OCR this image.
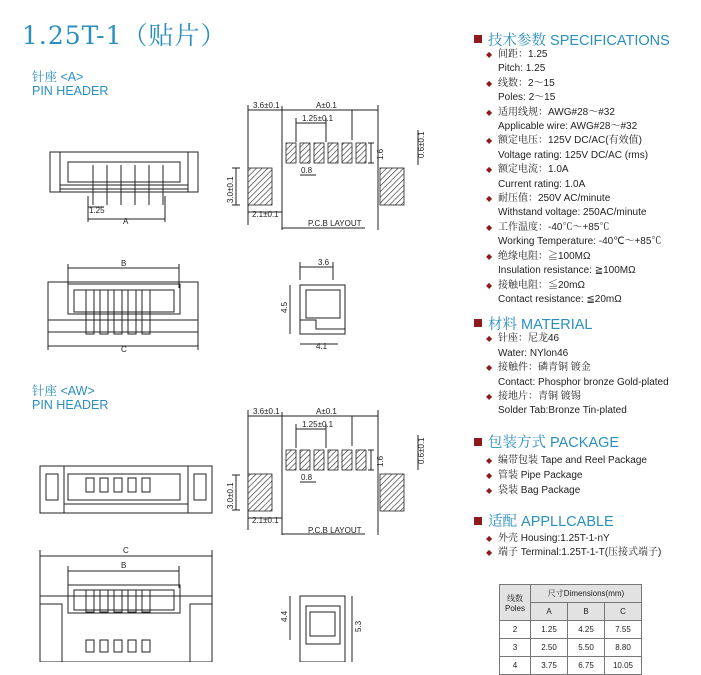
1.25T-1（贴片）
针座 <A>
PIN HEADER
针座 <AW>
PIN HEADER
3.6±0.1	A±0.1
1.25±0.1
1.6	0.6±0.1
3.0±0.1
0.8
2.1±0.1
P.C.B LAYOUT
1.25
A
B
C
3.6
4.5
4.1
3.6±0.1	A±0.1
1.25±0.1
1.6	0.6±0.1
3.0±0.1
0.8
2.1±0.1
P.C.B LAYOUT
C
B
4.4
5.3
技术参数 SPECIFICATIONS
◆ 间距：1.25
Pitch: 1.25
◆ 线数：2〜15
Poles: 2〜15
◆ 适用线规：AWG#28〜#32
Applicable wire: AWG#28〜#32
◆ 额定电压：125V DC/AC(有效值)
Voltage rating: 125V DC/AC (rms)
◆ 额定电流：1.0A
Current rating: 1.0A
◆ 耐压值：250V AC/minute
Withstand voltage: 250AC/minute
◆ 工作温度：-40℃〜+85℃
Working Temperature: -40℃〜+85℃
◆ 绝缘电阻：≧100MΩ
Insulation resistance: ≧100MΩ
◆ 接触电阻：≦20mΩ
Contact resistance: ≦20mΩ
材料 MATERIAL
◆ 针座：尼龙46
Water: NYlon46
◆ 接触件：磷青铜 镀金
Contact: Phosphor bronze Gold-plated
◆ 接地片：青铜 镀锡
Solder Tab:Bronze Tin-plated
包装方式 PACKAGE
◆ 编带包装 Tape and Reel Package
◆ 管装 Pipe Package
◆ 袋装 Bag Package
适配 APPLLCABLE
◆ 外壳 Housing:1.25T-1-nY
◆ 端子 Terminal:1.25T-1-T(压接式端子)
线数
Poles	尺寸Dimensions(mm)		
	A	B	C
2	1.25	4.25	7.55
3	2.50	5.50	8.80
4	3.75	6.75	10.05
